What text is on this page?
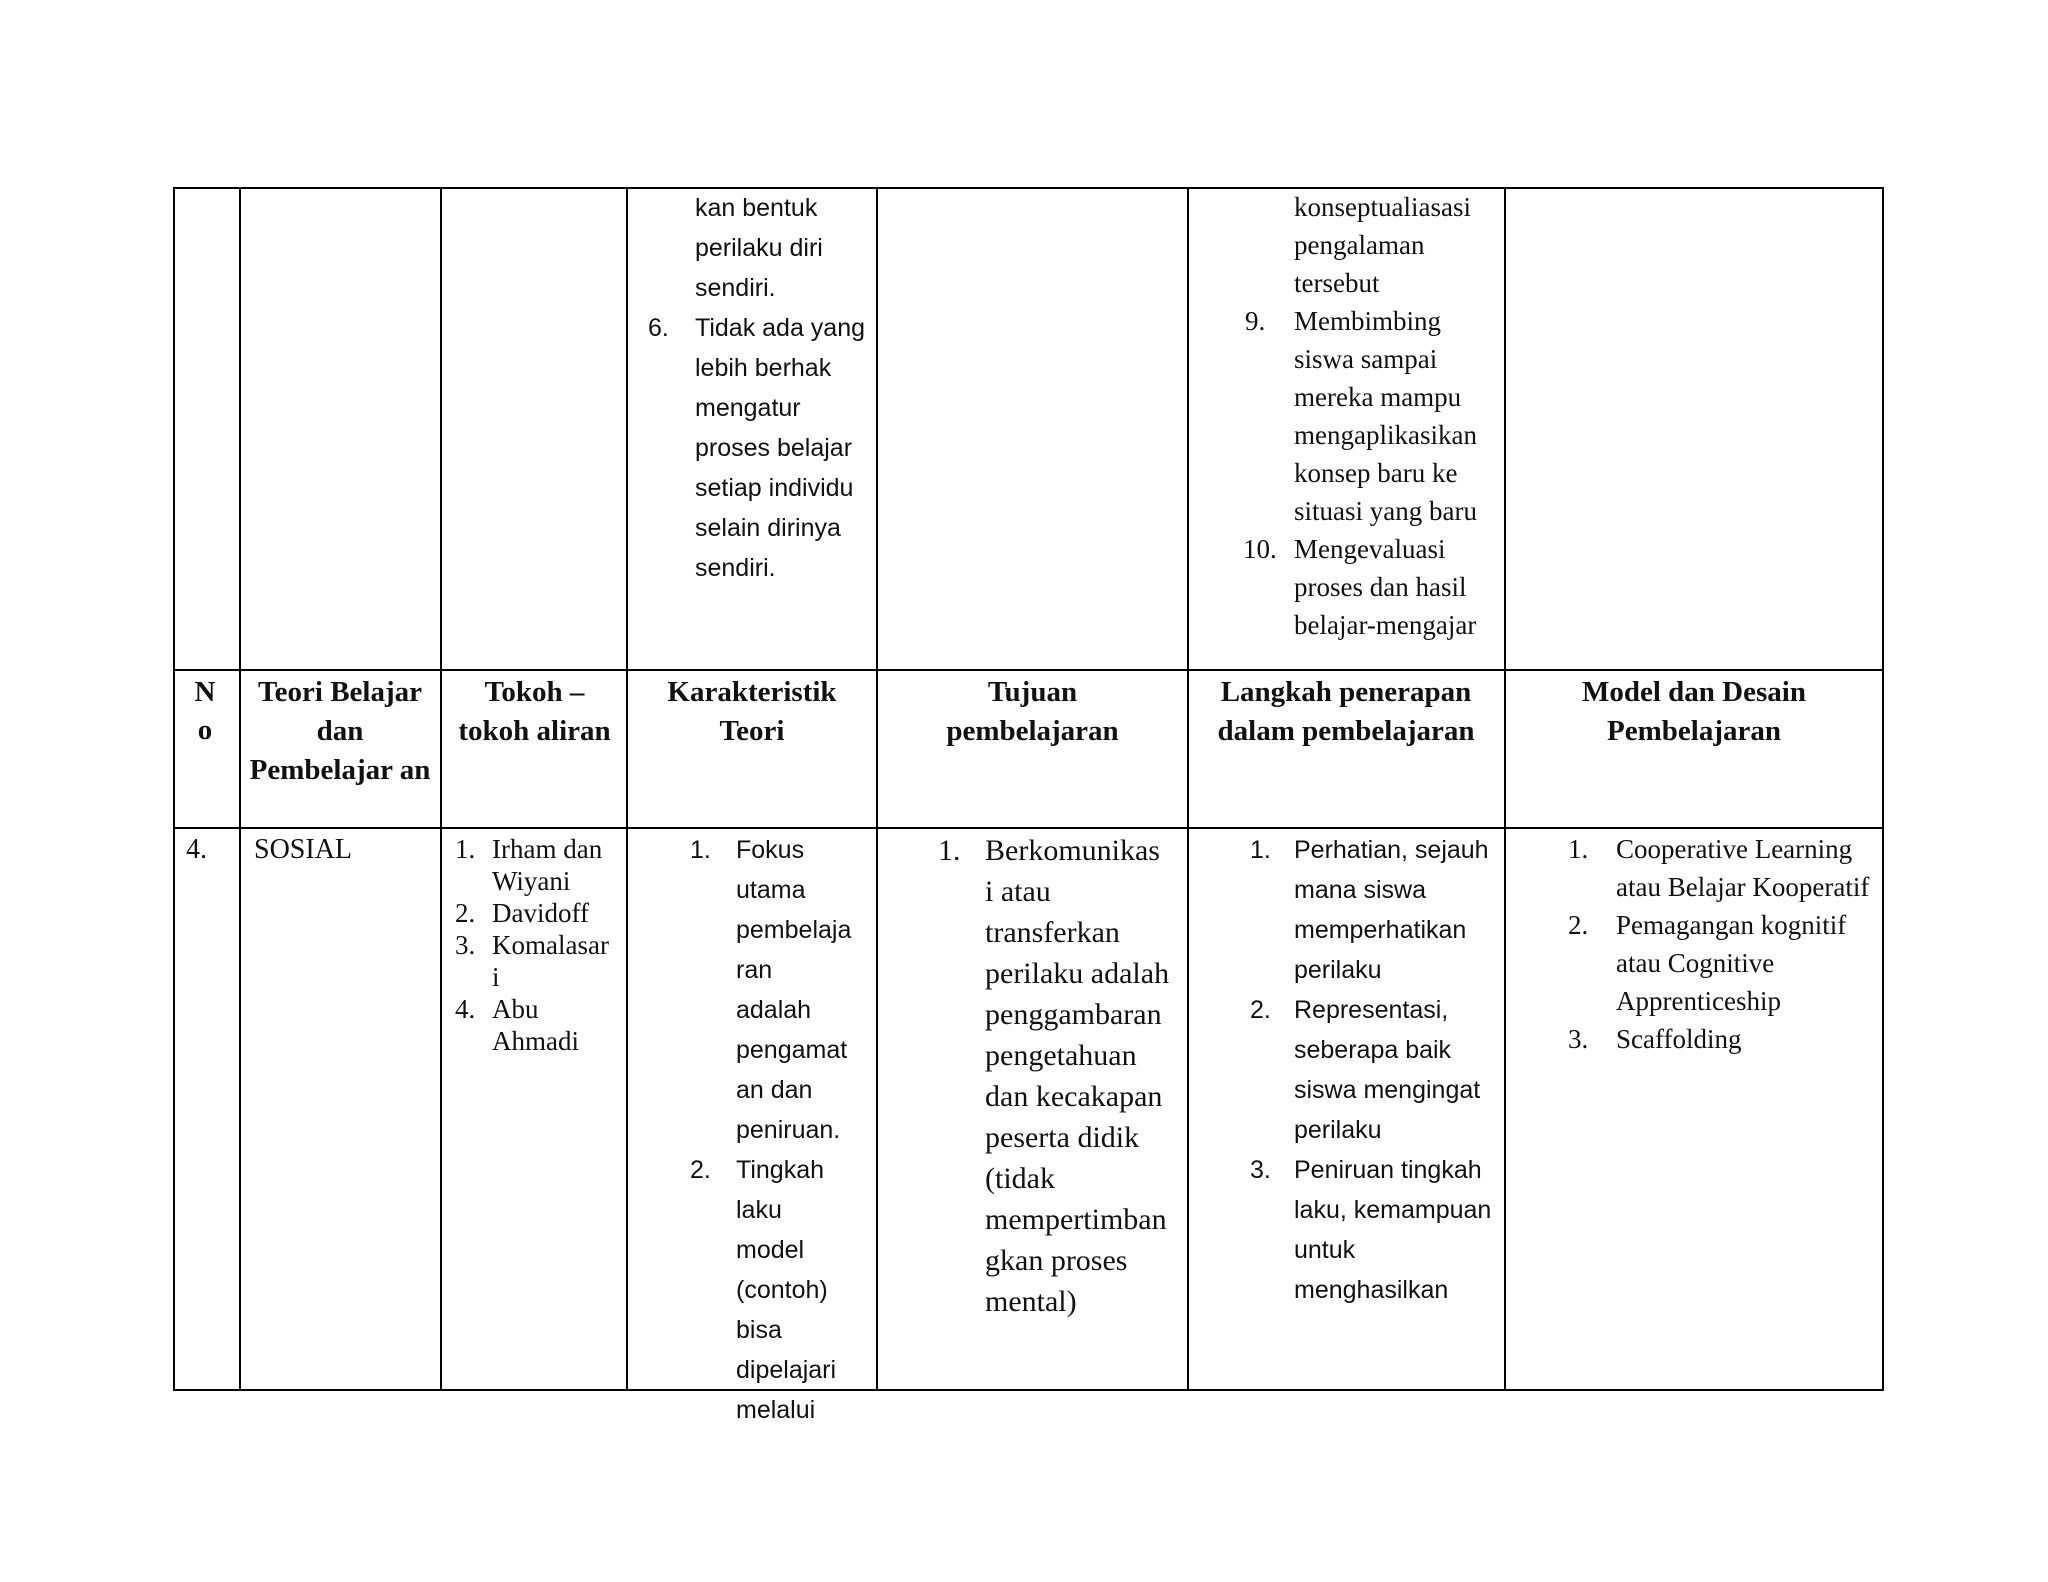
kan bentuk perilaku diri sendiri.
6. Tidak ada yang lebih berhak mengatur proses belajar setiap individu selain dirinya sendiri.
konseptualiasasi pengalaman tersebut
9. Membimbing siswa sampai mereka mampu mengaplikasikan konsep baru ke situasi yang baru
10. Mengevaluasi proses dan hasil belajar-mengajar
N o
Teori Belajar dan Pembelajar an
Tokoh – tokoh aliran
Karakteristik Teori
Tujuan pembelajaran
Langkah penerapan dalam pembelajaran
Model dan Desain Pembelajaran
4. SOSIAL	1. Irham dan Wiyani
2. Davidoff
3. Komalasar i
4. Abu Ahmadi
1. Fokus utama pembelaja ran adalah pengamat an dan peniruan.
2. Tingkah laku model (contoh) bisa dipelajari melalui
1. Berkomunikas i atau transferkan perilaku adalah penggambaran pengetahuan dan kecakapan peserta didik (tidak mempertimban gkan proses mental)
1. Perhatian, sejauh mana siswa memperhatikan perilaku
2. Representasi, seberapa baik siswa mengingat perilaku
3. Peniruan tingkah laku, kemampuan untuk menghasilkan
1. Cooperative Learning atau Belajar Kooperatif
2. Pemagangan kognitif atau Cognitive Apprenticeship
3. Scaffolding
